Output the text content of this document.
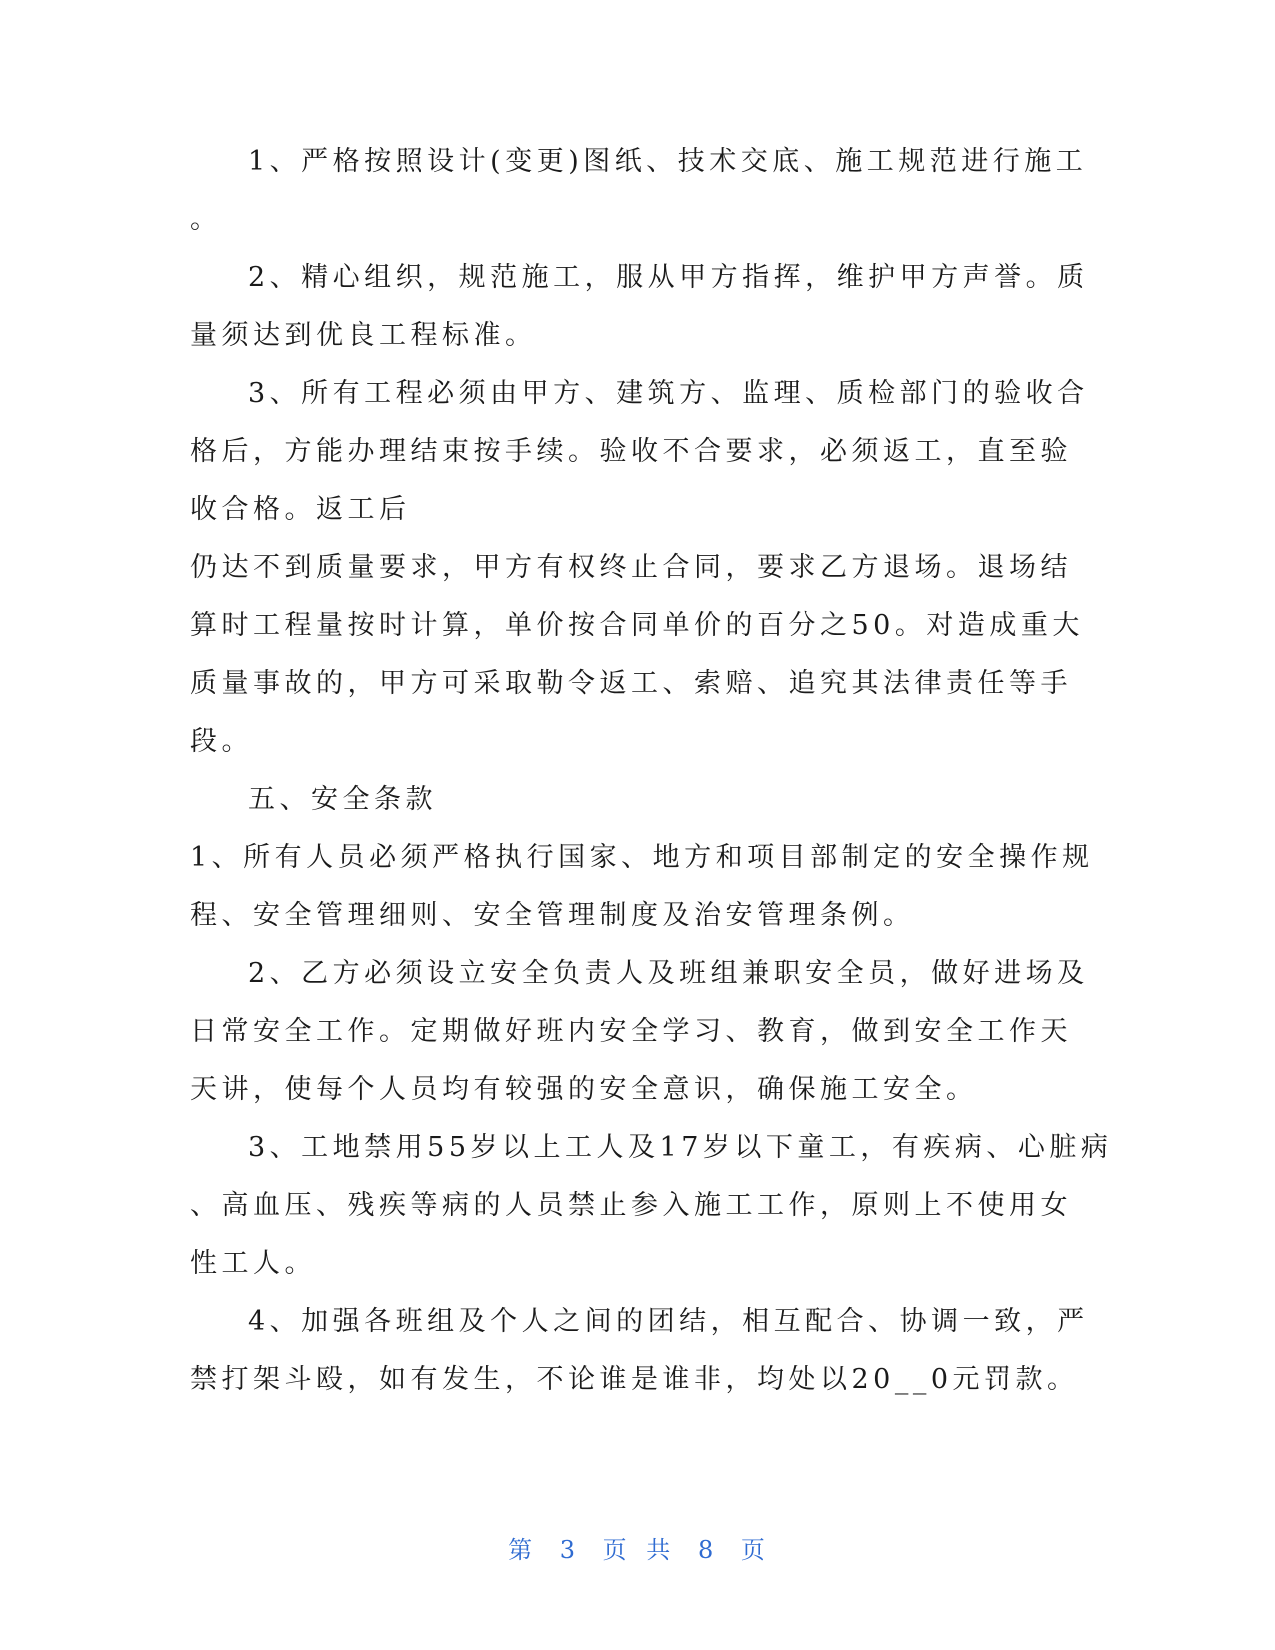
1、严格按照设计(变更)图纸、技术交底、施工规范进行施工
。
2、精心组织，规范施工，服从甲方指挥，维护甲方声誉。质
量须达到优良工程标准。
3、所有工程必须由甲方、建筑方、监理、质检部门的验收合
格后，方能办理结束按手续。验收不合要求，必须返工，直至验
收合格。返工后
仍达不到质量要求，甲方有权终止合同，要求乙方退场。退场结
算时工程量按时计算，单价按合同单价的百分之50。对造成重大
质量事故的，甲方可采取勒令返工、索赔、追究其法律责任等手
段。
五、安全条款
1、所有人员必须严格执行国家、地方和项目部制定的安全操作规
程、安全管理细则、安全管理制度及治安管理条例。
2、乙方必须设立安全负责人及班组兼职安全员，做好进场及
日常安全工作。定期做好班内安全学习、教育，做到安全工作天
天讲，使每个人员均有较强的安全意识，确保施工安全。
3、工地禁用55岁以上工人及17岁以下童工，有疾病、心脏病
、高血压、残疾等病的人员禁止参入施工工作，原则上不使用女
性工人。
4、加强各班组及个人之间的团结，相互配合、协调一致，严
禁打架斗殴，如有发生，不论谁是谁非，均处以20__0元罚款。
第 3 页 共 8 页
